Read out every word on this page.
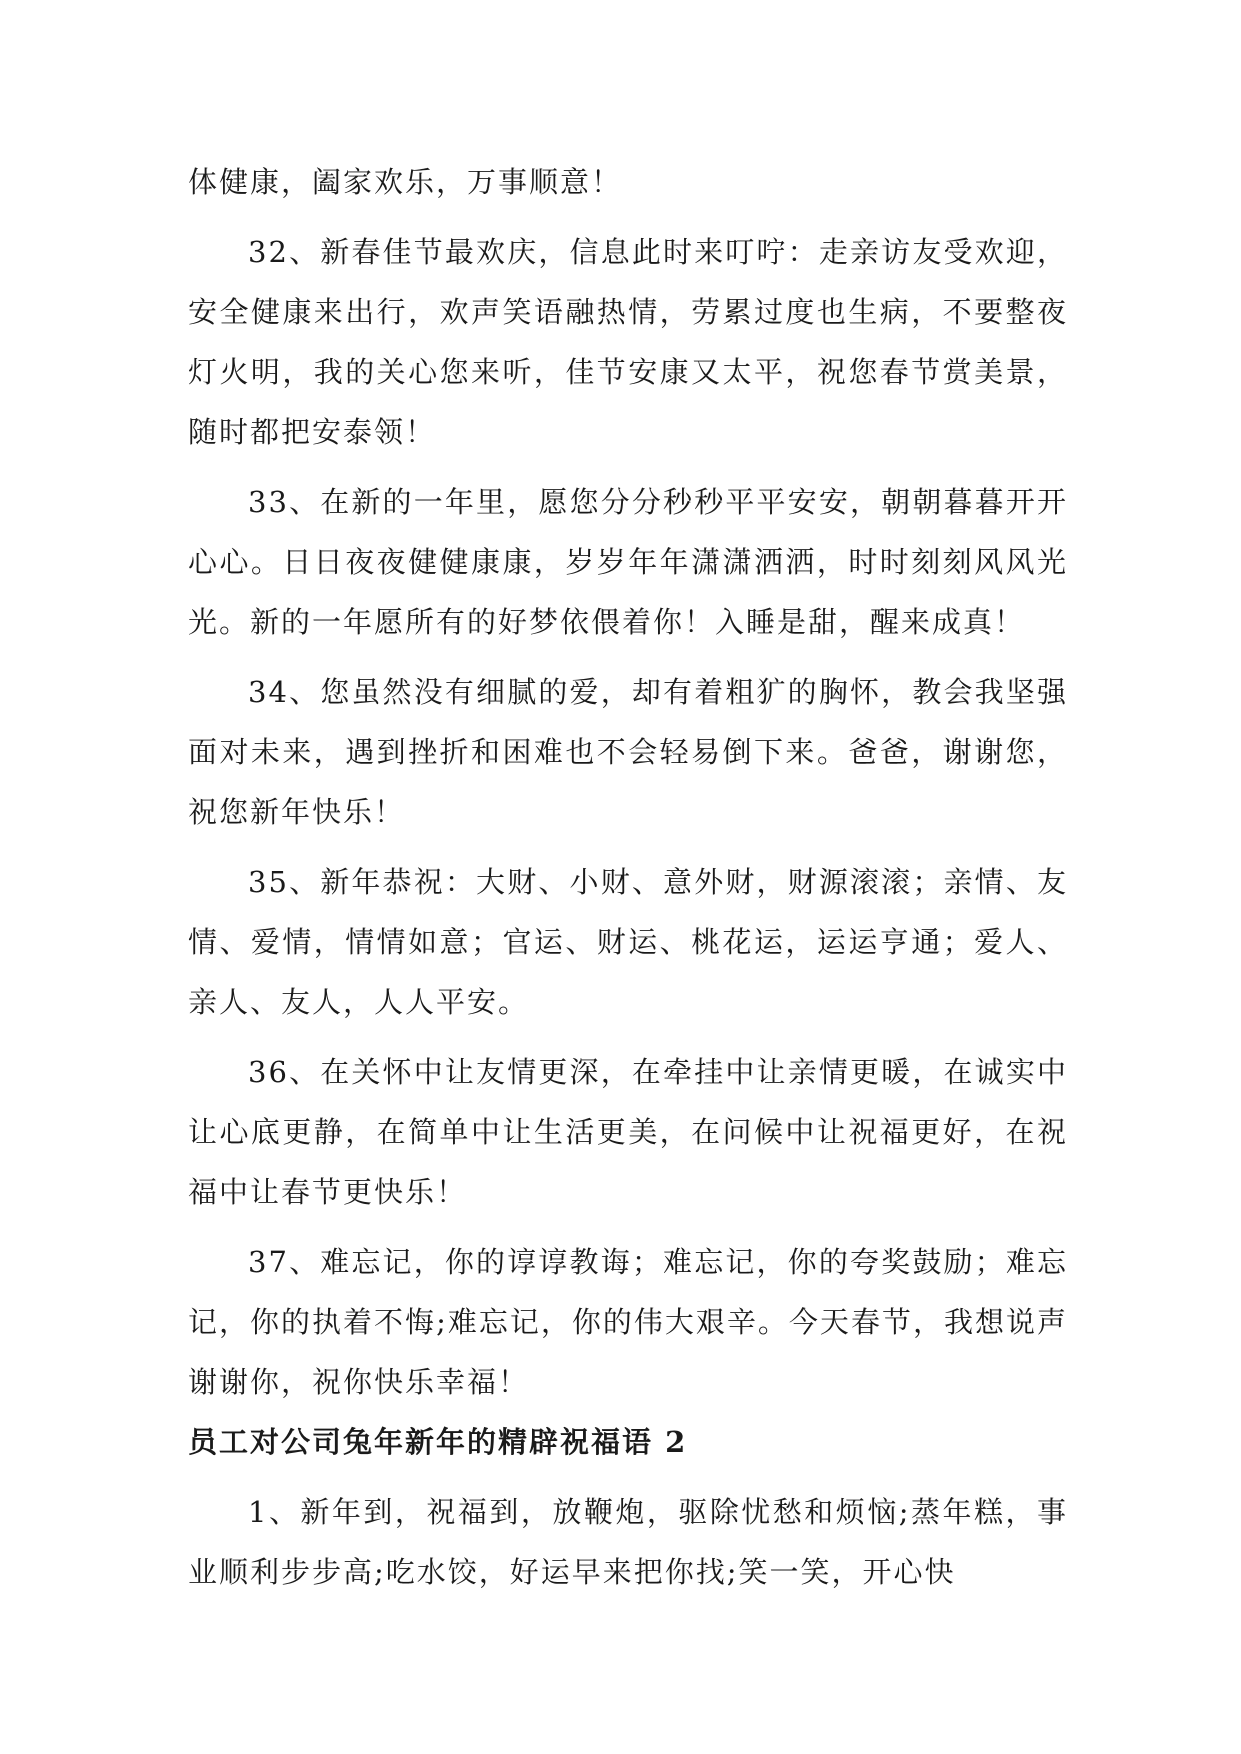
体健康，阖家欢乐，万事顺意！

32、新春佳节最欢庆，信息此时来叮咛：走亲访友受欢迎，安全健康来出行，欢声笑语融热情，劳累过度也生病，不要整夜灯火明，我的关心您来听，佳节安康又太平，祝您春节赏美景，随时都把安泰领！

33、在新的一年里，愿您分分秒秒平平安安，朝朝暮暮开开心心。日日夜夜健健康康，岁岁年年潇潇洒洒，时时刻刻风风光光。新的一年愿所有的好梦依偎着你！入睡是甜，醒来成真！

34、您虽然没有细腻的爱，却有着粗犷的胸怀，教会我坚强面对未来，遇到挫折和困难也不会轻易倒下来。爸爸，谢谢您，祝您新年快乐！

35、新年恭祝：大财、小财、意外财，财源滚滚；亲情、友情、爱情，情情如意；官运、财运、桃花运，运运亨通；爱人、亲人、友人，人人平安。

36、在关怀中让友情更深，在牵挂中让亲情更暖，在诚实中让心底更静，在简单中让生活更美，在问候中让祝福更好，在祝福中让春节更快乐！

37、难忘记，你的谆谆教诲；难忘记，你的夸奖鼓励；难忘记，你的执着不悔;难忘记，你的伟大艰辛。今天春节，我想说声谢谢你，祝你快乐幸福！

员工对公司兔年新年的精辟祝福语 2

1、新年到，祝福到，放鞭炮，驱除忧愁和烦恼;蒸年糕，事业顺利步步高;吃水饺，好运早来把你找;笑一笑，开心快
